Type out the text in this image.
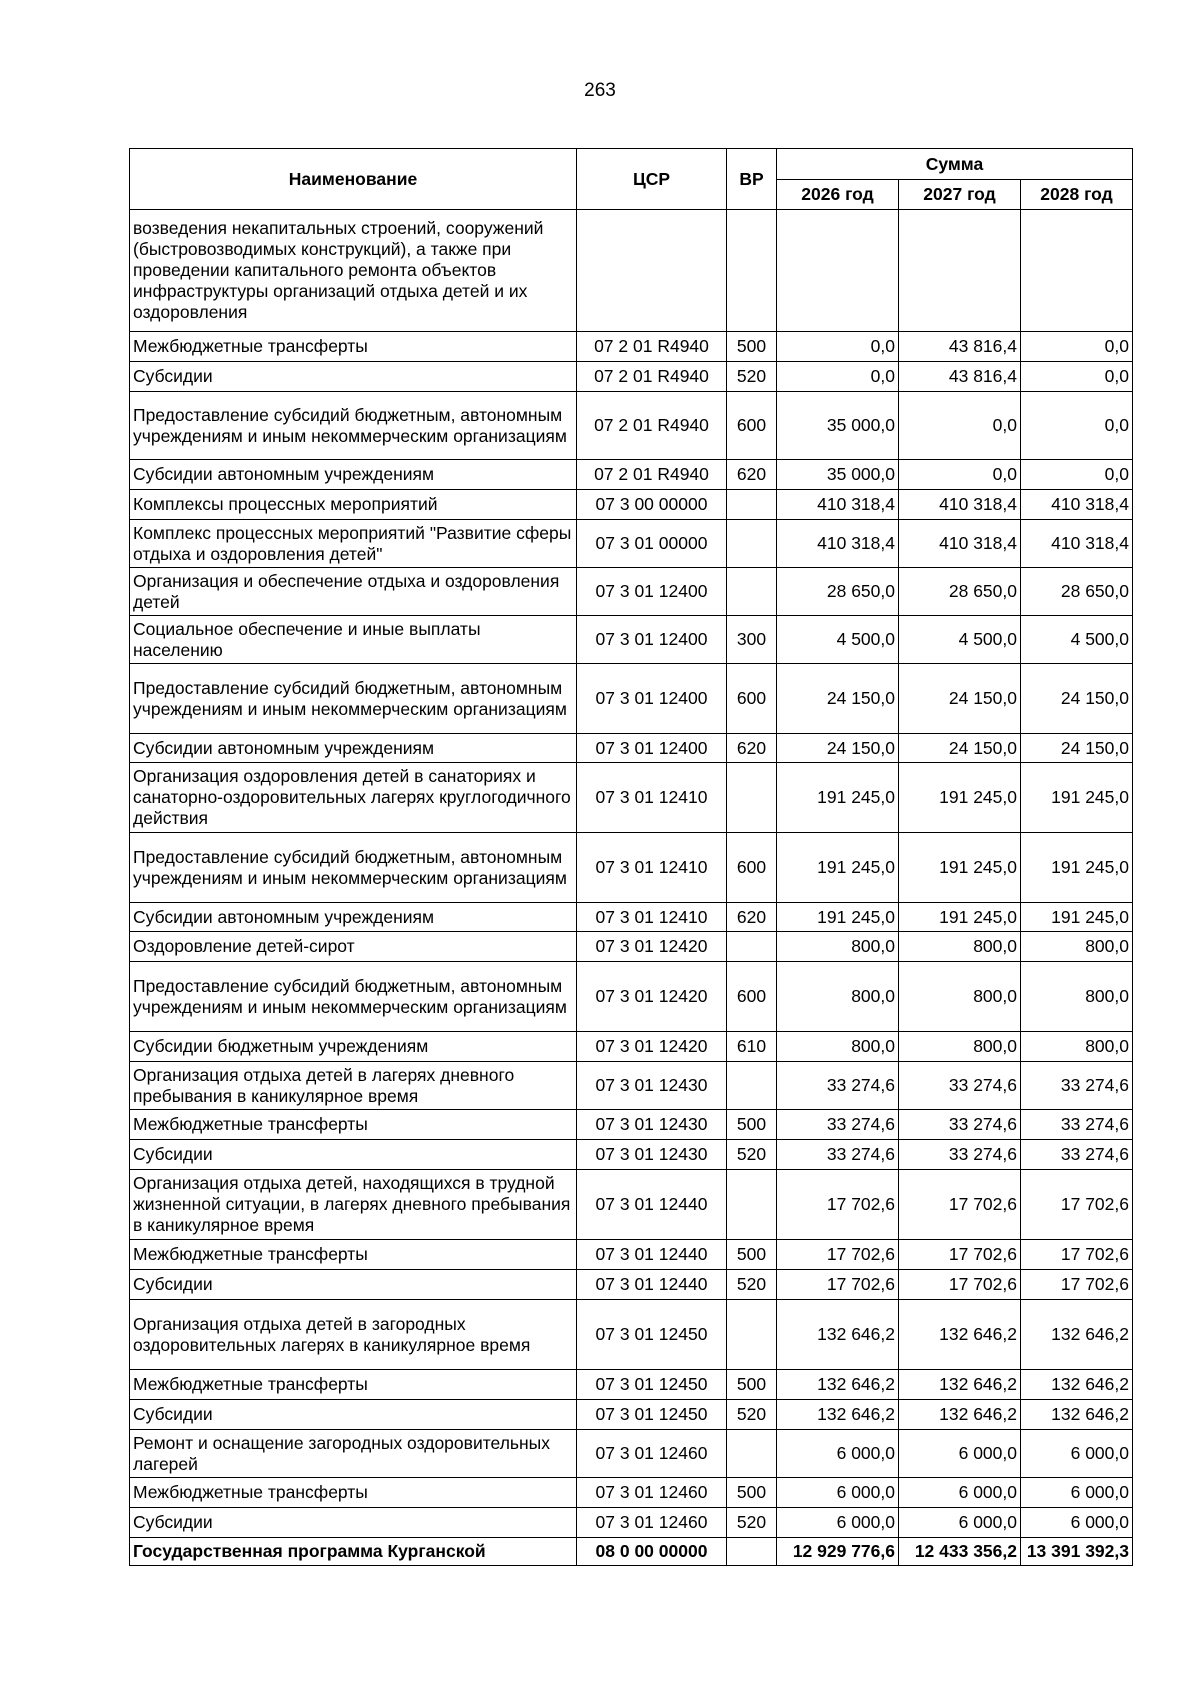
263
Наименование	ЦСР	ВР	Сумма		
			2026 год	2027 год	2028 год
возведения некапитальных строений, сооружений (быстровозводимых конструкций), а также при проведении капитального ремонта объектов инфраструктуры организаций отдыха детей и их оздоровления					
Межбюджетные трансферты	07 2 01 R4940	500	0,0	43 816,4	0,0
Субсидии	07 2 01 R4940	520	0,0	43 816,4	0,0
Предоставление субсидий бюджетным, автономным учреждениям и иным некоммерческим организациям	07 2 01 R4940	600	35 000,0	0,0	0,0
Субсидии автономным учреждениям	07 2 01 R4940	620	35 000,0	0,0	0,0
Комплексы процессных мероприятий	07 3 00 00000		410 318,4	410 318,4	410 318,4
Комплекс процессных мероприятий "Развитие сферы отдыха и оздоровления детей"	07 3 01 00000		410 318,4	410 318,4	410 318,4
Организация и обеспечение отдыха и оздоровления детей	07 3 01 12400		28 650,0	28 650,0	28 650,0
Социальное обеспечение и иные выплаты населению	07 3 01 12400	300	4 500,0	4 500,0	4 500,0
Предоставление субсидий бюджетным, автономным учреждениям и иным некоммерческим организациям	07 3 01 12400	600	24 150,0	24 150,0	24 150,0
Субсидии автономным учреждениям	07 3 01 12400	620	24 150,0	24 150,0	24 150,0
Организация оздоровления детей в санаториях и санаторно-оздоровительных лагерях круглогодичного действия	07 3 01 12410		191 245,0	191 245,0	191 245,0
Предоставление субсидий бюджетным, автономным учреждениям и иным некоммерческим организациям	07 3 01 12410	600	191 245,0	191 245,0	191 245,0
Субсидии автономным учреждениям	07 3 01 12410	620	191 245,0	191 245,0	191 245,0
Оздоровление детей-сирот	07 3 01 12420		800,0	800,0	800,0
Предоставление субсидий бюджетным, автономным учреждениям и иным некоммерческим организациям	07 3 01 12420	600	800,0	800,0	800,0
Субсидии бюджетным учреждениям	07 3 01 12420	610	800,0	800,0	800,0
Организация отдыха детей в лагерях дневного пребывания в каникулярное время	07 3 01 12430		33 274,6	33 274,6	33 274,6
Межбюджетные трансферты	07 3 01 12430	500	33 274,6	33 274,6	33 274,6
Субсидии	07 3 01 12430	520	33 274,6	33 274,6	33 274,6
Организация отдыха детей, находящихся в трудной жизненной ситуации, в лагерях дневного пребывания в каникулярное время	07 3 01 12440		17 702,6	17 702,6	17 702,6
Межбюджетные трансферты	07 3 01 12440	500	17 702,6	17 702,6	17 702,6
Субсидии	07 3 01 12440	520	17 702,6	17 702,6	17 702,6
Организация отдыха детей в загородных оздоровительных лагерях в каникулярное время	07 3 01 12450		132 646,2	132 646,2	132 646,2
Межбюджетные трансферты	07 3 01 12450	500	132 646,2	132 646,2	132 646,2
Субсидии	07 3 01 12450	520	132 646,2	132 646,2	132 646,2
Ремонт и оснащение загородных оздоровительных лагерей	07 3 01 12460		6 000,0	6 000,0	6 000,0
Межбюджетные трансферты	07 3 01 12460	500	6 000,0	6 000,0	6 000,0
Субсидии	07 3 01 12460	520	6 000,0	6 000,0	6 000,0
Государственная программа Курганской	08 0 00 00000		12 929 776,6	12 433 356,2	13 391 392,3
